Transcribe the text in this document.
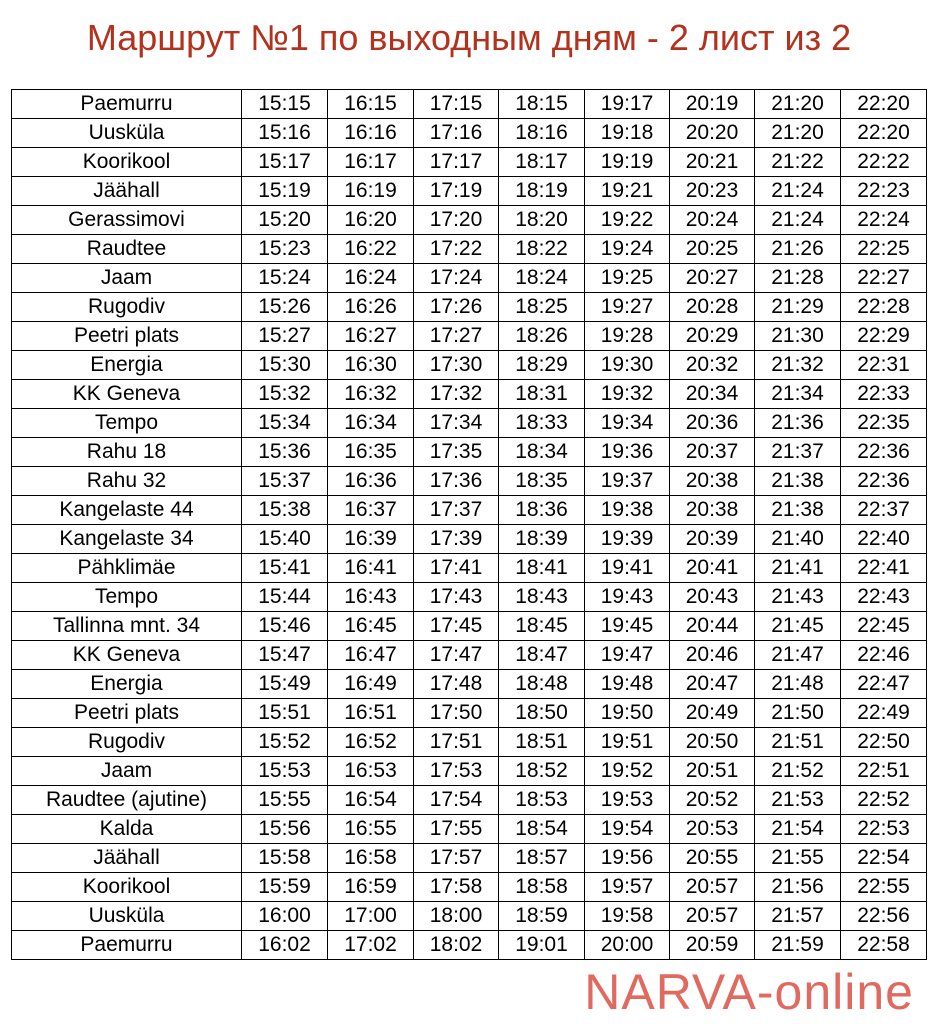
Маршрут №1 по выходным дням - 2 лист из 2
Paemurru	15:15	16:15	17:15	18:15	19:17	20:19	21:20	22:20
Uusküla	15:16	16:16	17:16	18:16	19:18	20:20	21:20	22:20
Koorikool	15:17	16:17	17:17	18:17	19:19	20:21	21:22	22:22
Jäähall	15:19	16:19	17:19	18:19	19:21	20:23	21:24	22:23
Gerassimovi	15:20	16:20	17:20	18:20	19:22	20:24	21:24	22:24
Raudtee	15:23	16:22	17:22	18:22	19:24	20:25	21:26	22:25
Jaam	15:24	16:24	17:24	18:24	19:25	20:27	21:28	22:27
Rugodiv	15:26	16:26	17:26	18:25	19:27	20:28	21:29	22:28
Peetri plats	15:27	16:27	17:27	18:26	19:28	20:29	21:30	22:29
Energia	15:30	16:30	17:30	18:29	19:30	20:32	21:32	22:31
KK Geneva	15:32	16:32	17:32	18:31	19:32	20:34	21:34	22:33
Tempo	15:34	16:34	17:34	18:33	19:34	20:36	21:36	22:35
Rahu 18	15:36	16:35	17:35	18:34	19:36	20:37	21:37	22:36
Rahu 32	15:37	16:36	17:36	18:35	19:37	20:38	21:38	22:36
Kangelaste 44	15:38	16:37	17:37	18:36	19:38	20:38	21:38	22:37
Kangelaste 34	15:40	16:39	17:39	18:39	19:39	20:39	21:40	22:40
Pähklimäe	15:41	16:41	17:41	18:41	19:41	20:41	21:41	22:41
Tempo	15:44	16:43	17:43	18:43	19:43	20:43	21:43	22:43
Tallinna mnt. 34	15:46	16:45	17:45	18:45	19:45	20:44	21:45	22:45
KK Geneva	15:47	16:47	17:47	18:47	19:47	20:46	21:47	22:46
Energia	15:49	16:49	17:48	18:48	19:48	20:47	21:48	22:47
Peetri plats	15:51	16:51	17:50	18:50	19:50	20:49	21:50	22:49
Rugodiv	15:52	16:52	17:51	18:51	19:51	20:50	21:51	22:50
Jaam	15:53	16:53	17:53	18:52	19:52	20:51	21:52	22:51
Raudtee (ajutine)	15:55	16:54	17:54	18:53	19:53	20:52	21:53	22:52
Kalda	15:56	16:55	17:55	18:54	19:54	20:53	21:54	22:53
Jäähall	15:58	16:58	17:57	18:57	19:56	20:55	21:55	22:54
Koorikool	15:59	16:59	17:58	18:58	19:57	20:57	21:56	22:55
Uusküla	16:00	17:00	18:00	18:59	19:58	20:57	21:57	22:56
Paemurru	16:02	17:02	18:02	19:01	20:00	20:59	21:59	22:58
NARVA-online
